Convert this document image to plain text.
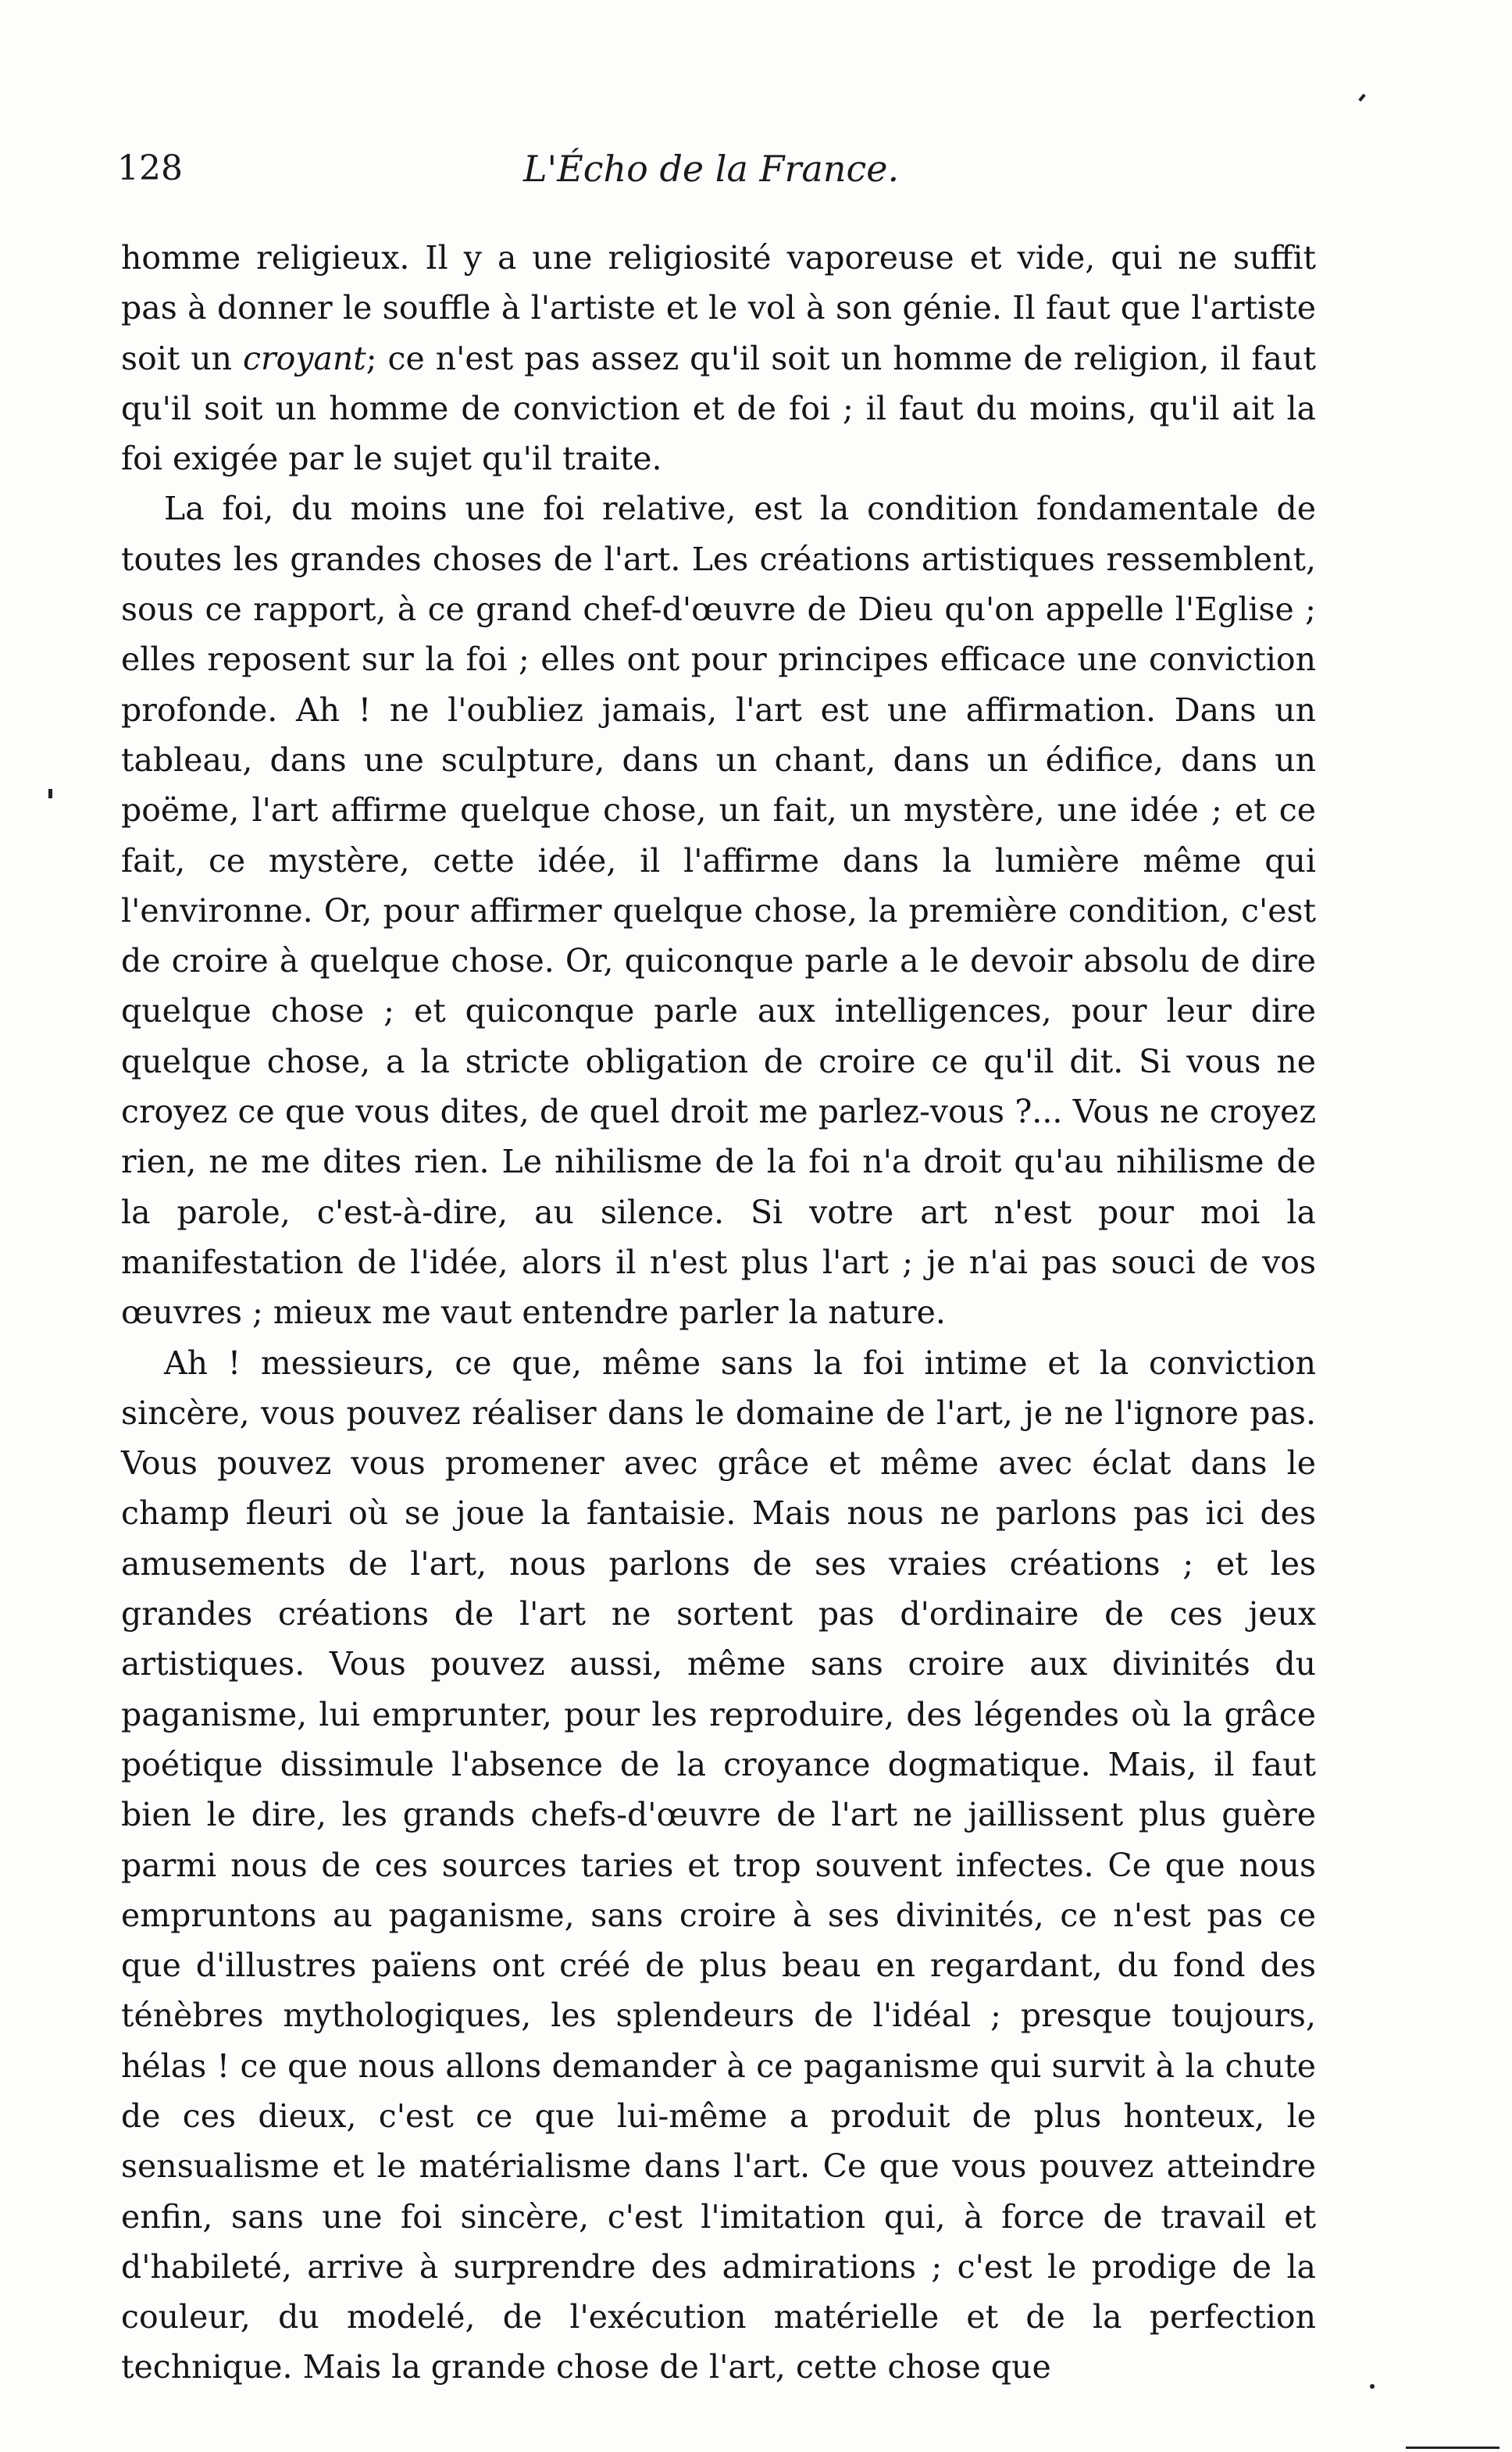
128	L'Écho de la France.

homme religieux. Il y a une religiosité vaporeuse et vide, qui ne suffit pas à donner le souffle à l'artiste et le vol à son génie. Il faut que l'artiste soit un croyant; ce n'est pas assez qu'il soit un homme de religion, il faut qu'il soit un homme de conviction et de foi ; il faut du moins, qu'il ait la foi exigée par le sujet qu'il traite.

La foi, du moins une foi relative, est la condition fondamentale de toutes les grandes choses de l'art. Les créations artistiques ressemblent, sous ce rapport, à ce grand chef-d'œuvre de Dieu qu'on appelle l'Eglise ; elles reposent sur la foi ; elles ont pour principes efficace une conviction profonde. Ah ! ne l'oubliez jamais, l'art est une affirmation. Dans un tableau, dans une sculpture, dans un chant, dans un édifice, dans un poëme, l'art affirme quelque chose, un fait, un mystère, une idée ; et ce fait, ce mystère, cette idée, il l'affirme dans la lumière même qui l'environne. Or, pour affirmer quelque chose, la première condition, c'est de croire à quelque chose. Or, quiconque parle a le devoir absolu de dire quelque chose ; et quiconque parle aux intelligences, pour leur dire quelque chose, a la stricte obligation de croire ce qu'il dit. Si vous ne croyez ce que vous dites, de quel droit me parlez-vous ?... Vous ne croyez rien, ne me dites rien. Le nihilisme de la foi n'a droit qu'au nihilisme de la parole, c'est-à-dire, au silence. Si votre art n'est pour moi la manifestation de l'idée, alors il n'est plus l'art ; je n'ai pas souci de vos œuvres ; mieux me vaut entendre parler la nature.

Ah ! messieurs, ce que, même sans la foi intime et la conviction sincère, vous pouvez réaliser dans le domaine de l'art, je ne l'ignore pas. Vous pouvez vous promener avec grâce et même avec éclat dans le champ fleuri où se joue la fantaisie. Mais nous ne parlons pas ici des amusements de l'art, nous parlons de ses vraies créations ; et les grandes créations de l'art ne sortent pas d'ordinaire de ces jeux artistiques. Vous pouvez aussi, même sans croire aux divinités du paganisme, lui emprunter, pour les reproduire, des légendes où la grâce poétique dissimule l'absence de la croyance dogmatique. Mais, il faut bien le dire, les grands chefs-d'œuvre de l'art ne jaillissent plus guère parmi nous de ces sources taries et trop souvent infectes. Ce que nous empruntons au paganisme, sans croire à ses divinités, ce n'est pas ce que d'illustres païens ont créé de plus beau en regardant, du fond des ténèbres mythologiques, les splendeurs de l'idéal ; presque toujours, hélas ! ce que nous allons demander à ce paganisme qui survit à la chute de ces dieux, c'est ce que lui-même a produit de plus honteux, le sensualisme et le matérialisme dans l'art. Ce que vous pouvez atteindre enfin, sans une foi sincère, c'est l'imitation qui, à force de travail et d'habileté, arrive à surprendre des admirations ; c'est le prodige de la couleur, du modelé, de l'exécution matérielle et de la perfection technique. Mais la grande chose de l'art, cette chose que
